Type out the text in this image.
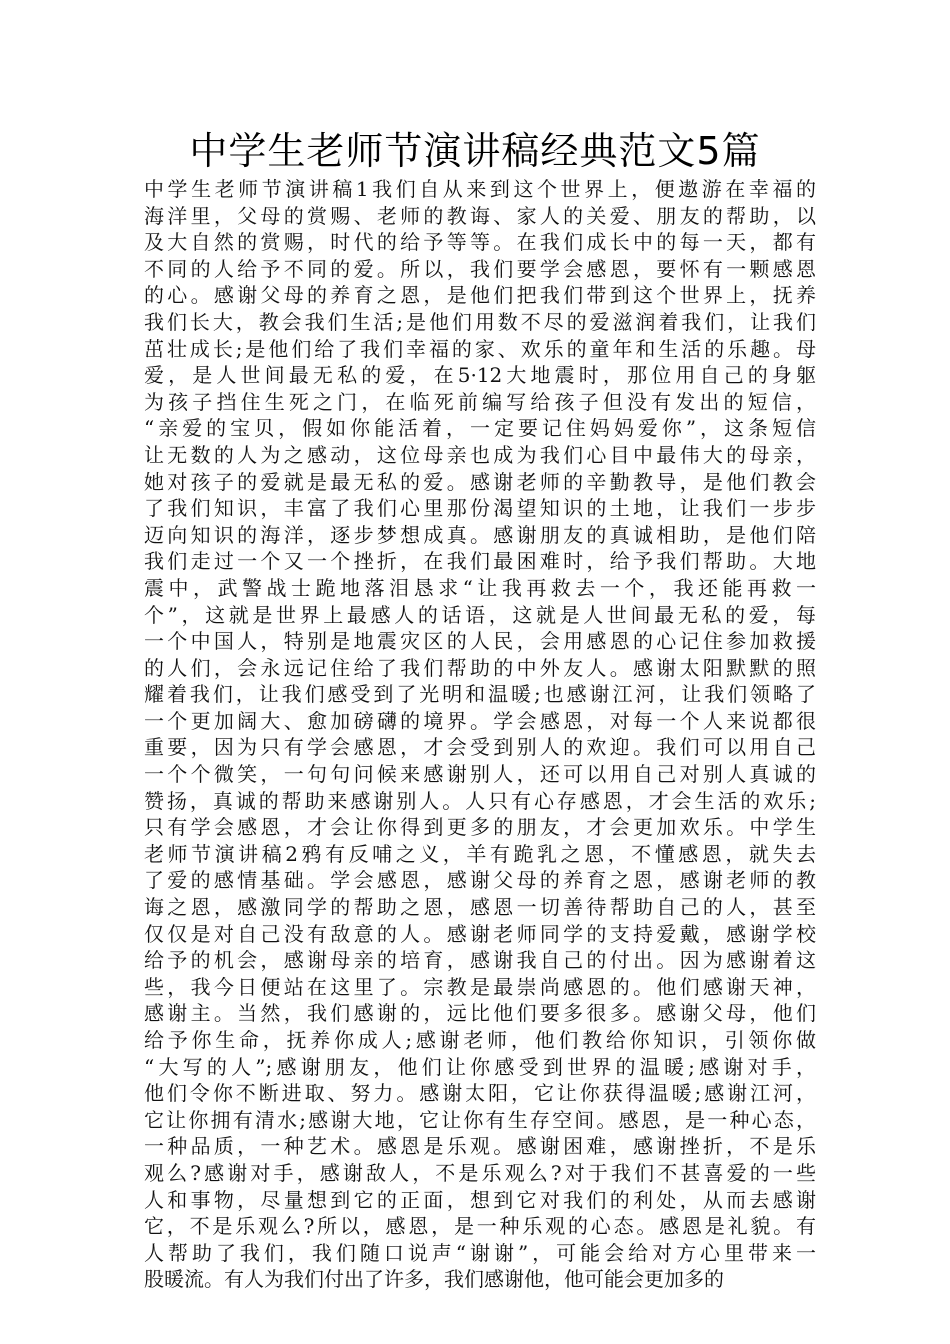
中学生老师节演讲稿经典范文5篇
中学生老师节演讲稿1我们自从来到这个世界上，便遨游在幸福的
海洋里，父母的赏赐、老师的教诲、家人的关爱、朋友的帮助，以
及大自然的赏赐，时代的给予等等。在我们成长中的每一天，都有
不同的人给予不同的爱。所以，我们要学会感恩，要怀有一颗感恩
的心。感谢父母的养育之恩，是他们把我们带到这个世界上，抚养
我们长大，教会我们生活;是他们用数不尽的爱滋润着我们，让我们
茁壮成长;是他们给了我们幸福的家、欢乐的童年和生活的乐趣。母
爱，是人世间最无私的爱，在5·12大地震时，那位用自己的身躯
为孩子挡住生死之门，在临死前编写给孩子但没有发出的短信，
“亲爱的宝贝，假如你能活着，一定要记住妈妈爱你”，这条短信
让无数的人为之感动，这位母亲也成为我们心目中最伟大的母亲，
她对孩子的爱就是最无私的爱。感谢老师的辛勤教导，是他们教会
了我们知识，丰富了我们心里那份渴望知识的土地，让我们一步步
迈向知识的海洋，逐步梦想成真。感谢朋友的真诚相助，是他们陪
我们走过一个又一个挫折，在我们最困难时，给予我们帮助。大地
震中，武警战士跪地落泪恳求“让我再救去一个，我还能再救一
个”，这就是世界上最感人的话语，这就是人世间最无私的爱，每
一个中国人，特别是地震灾区的人民，会用感恩的心记住参加救援
的人们，会永远记住给了我们帮助的中外友人。感谢太阳默默的照
耀着我们，让我们感受到了光明和温暖;也感谢江河，让我们领略了
一个更加阔大、愈加磅礴的境界。学会感恩，对每一个人来说都很
重要，因为只有学会感恩，才会受到别人的欢迎。我们可以用自己
一个个微笑，一句句问候来感谢别人，还可以用自己对别人真诚的
赞扬，真诚的帮助来感谢别人。人只有心存感恩，才会生活的欢乐;
只有学会感恩，才会让你得到更多的朋友，才会更加欢乐。中学生
老师节演讲稿2鸦有反哺之义，羊有跪乳之恩，不懂感恩，就失去
了爱的感情基础。学会感恩，感谢父母的养育之恩，感谢老师的教
诲之恩，感激同学的帮助之恩，感恩一切善待帮助自己的人，甚至
仅仅是对自己没有敌意的人。感谢老师同学的支持爱戴，感谢学校
给予的机会，感谢母亲的培育，感谢我自己的付出。因为感谢着这
些，我今日便站在这里了。宗教是最崇尚感恩的。他们感谢天神，
感谢主。当然，我们感谢的，远比他们要多很多。感谢父母，他们
给予你生命，抚养你成人;感谢老师，他们教给你知识，引领你做
“大写的人”;感谢朋友，他们让你感受到世界的温暖;感谢对手，
他们令你不断进取、努力。感谢太阳，它让你获得温暖;感谢江河，
它让你拥有清水;感谢大地，它让你有生存空间。感恩，是一种心态，
一种品质，一种艺术。感恩是乐观。感谢困难，感谢挫折，不是乐
观么?感谢对手，感谢敌人，不是乐观么?对于我们不甚喜爱的一些
人和事物，尽量想到它的正面，想到它对我们的利处，从而去感谢
它，不是乐观么?所以，感恩，是一种乐观的心态。感恩是礼貌。有
人帮助了我们，我们随口说声“谢谢”，可能会给对方心里带来一
股暖流。有人为我们付出了许多，我们感谢他，他可能会更加多的
